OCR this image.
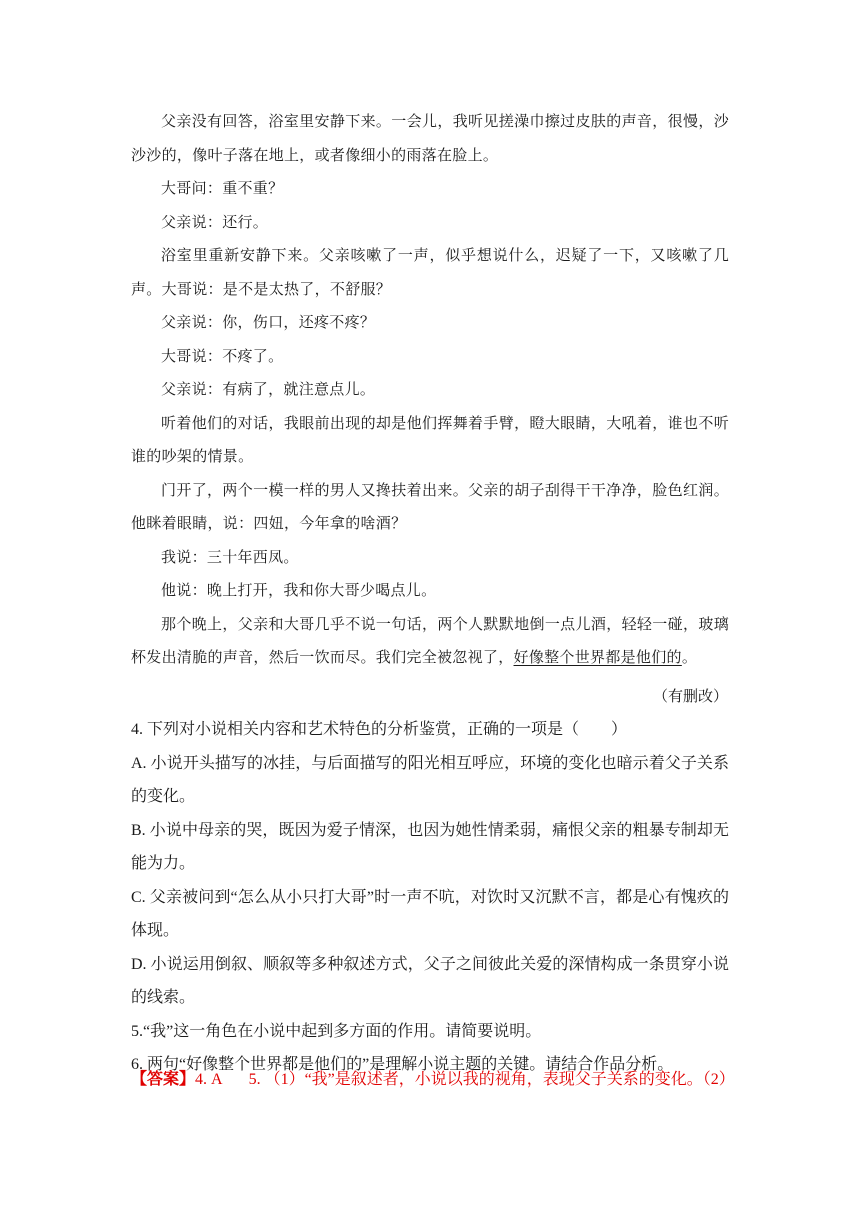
父亲没有回答，浴室里安静下来。一会儿，我听见搓澡巾擦过皮肤的声音，很慢，沙沙沙的，像叶子落在地上，或者像细小的雨落在脸上。

大哥问：重不重？

父亲说：还行。

浴室里重新安静下来。父亲咳嗽了一声，似乎想说什么，迟疑了一下，又咳嗽了几声。大哥说：是不是太热了，不舒服？

父亲说：你，伤口，还疼不疼？

大哥说：不疼了。

父亲说：有病了，就注意点儿。

听着他们的对话，我眼前出现的却是他们挥舞着手臂，瞪大眼睛，大吼着，谁也不听谁的吵架的情景。

门开了，两个一模一样的男人又搀扶着出来。父亲的胡子刮得干干净净，脸色红润。他眯着眼睛，说：四妞，今年拿的啥酒？

我说：三十年西凤。

他说：晚上打开，我和你大哥少喝点儿。

那个晚上，父亲和大哥几乎不说一句话，两个人默默地倒一点儿酒，轻轻一碰，玻璃杯发出清脆的声音，然后一饮而尽。我们完全被忽视了，好像整个世界都是他们的。

（有删改）

4. 下列对小说相关内容和艺术特色的分析鉴赏，正确的一项是（　　）

A. 小说开头描写的冰挂，与后面描写的阳光相互呼应，环境的变化也暗示着父子关系的变化。

B. 小说中母亲的哭，既因为爱子情深，也因为她性情柔弱，痛恨父亲的粗暴专制却无能为力。

C. 父亲被问到“怎么从小只打大哥”时一声不吭，对饮时又沉默不言，都是心有愧疚的体现。

D. 小说运用倒叙、顺叙等多种叙述方式，父子之间彼此关爱的深情构成一条贯穿小说的线索。

5.“我”这一角色在小说中起到多方面的作用。请简要说明。

6. 两句“好像整个世界都是他们的”是理解小说主题的关键。请结合作品分析。

【答案】4. A 5. （1）“我”是叙述者，小说以我的视角，表现父子关系的变化。（2）
